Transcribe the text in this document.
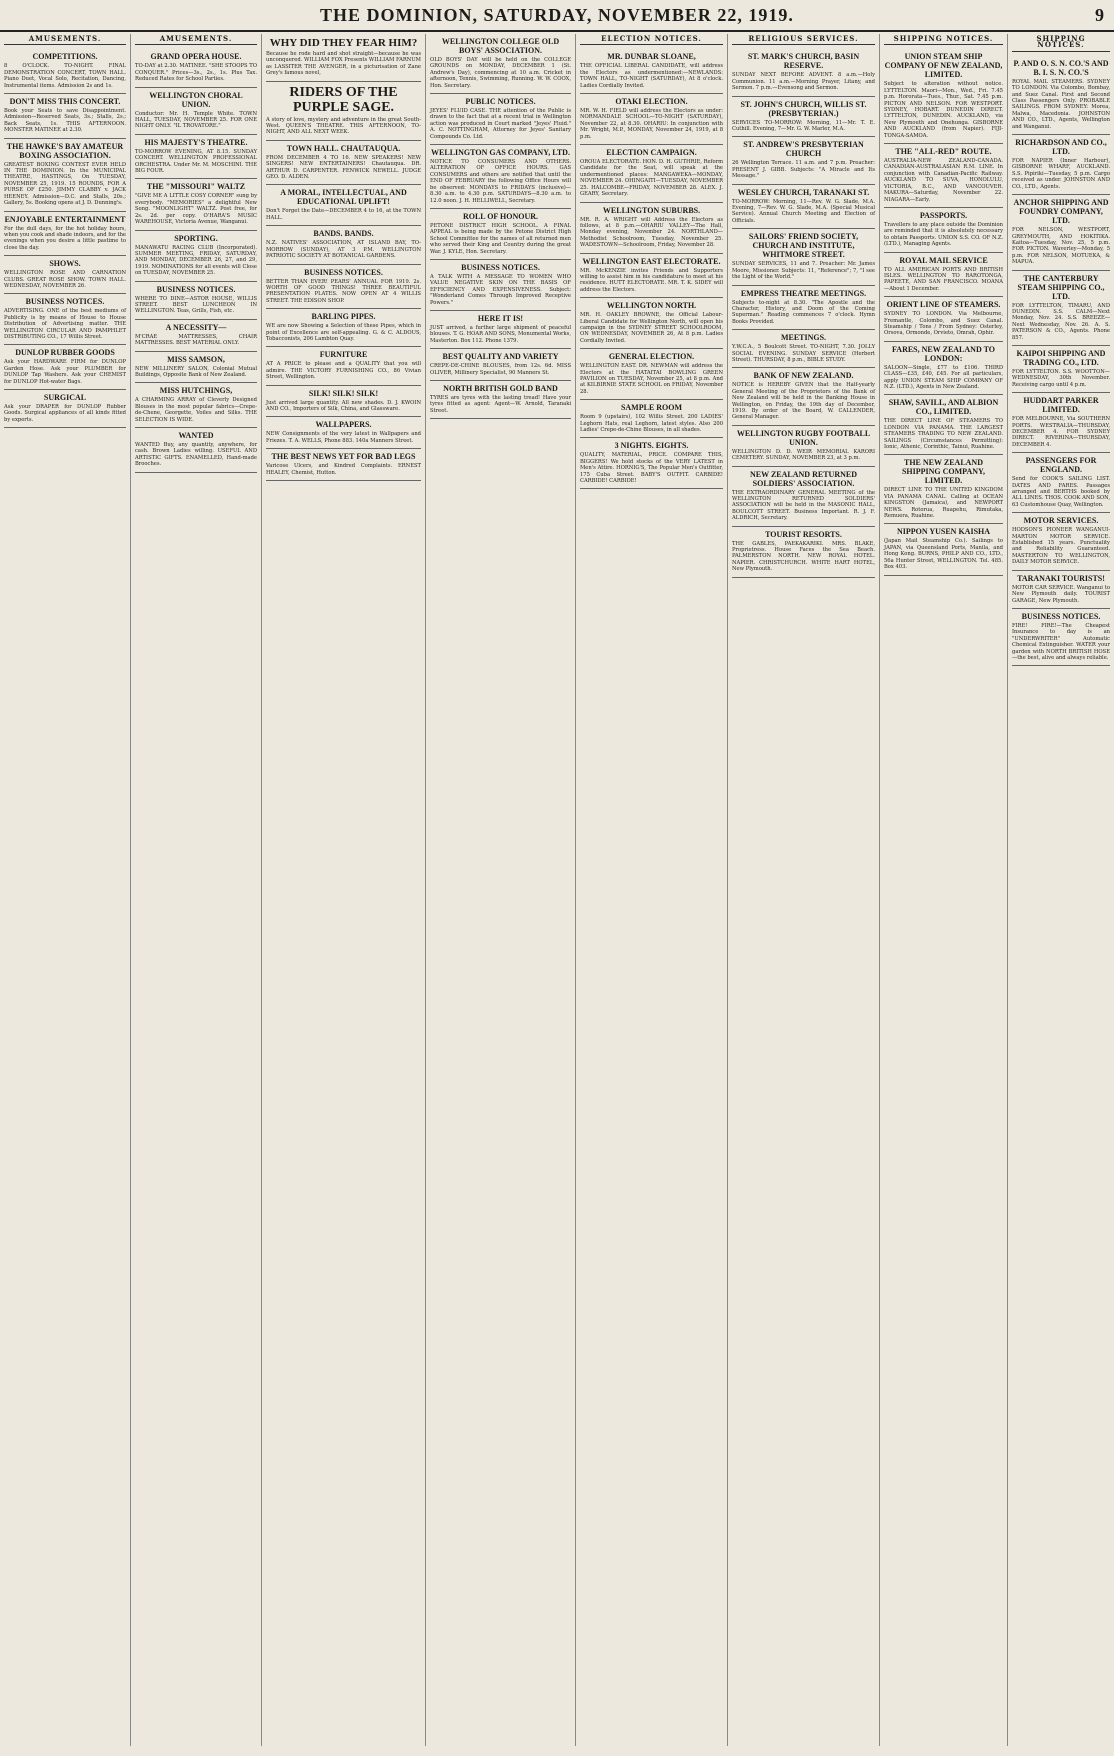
THE DOMINION, SATURDAY, NOVEMBER 22, 1919.	9
AMUSEMENTS.
COMPETITIONS.
8 O'CLOCK. TO-NIGHT. FINAL DEMONSTRATION CONCERT, TOWN HALL. Piano Duet, Vocal Solo, Recitation, Dancing, Instrumental items. Admission 2s and 1s.
DON'T MISS THIS CONCERT.
Book your Seats to save Disappointment. Admission—Reserved Seats, 3s.; Stalls, 2s.; Back Seats, 1s. THIS AFTERNOON. MONSTER MATINEE at 2.30.
THE HAWKE'S BAY AMATEUR BOXING ASSOCIATION.
GREATEST BOXING CONTEST EVER HELD IN THE DOMINION. In the MUNICIPAL THEATRE, HASTINGS, On TUESDAY, NOVEMBER 25, 1919. 15 ROUNDS, FOR A PURSE OF £250. JIMMY CLABBY v. JACK HEENEY. Admission—D.C. and Stalls, 20s.; Gallery, 5s. Booking opens at J. D. Dunning's.
ENJOYABLE ENTERTAINMENT
For the dull days, for the hot holiday hours, when you cook and shade indoors, and for the evenings when you desire a little pastime to close the day.
SHOWS.
WELLINGTON ROSE AND CARNATION CLUBS. GREAT ROSE SHOW. TOWN HALL. WEDNESDAY, NOVEMBER 26.
BUSINESS NOTICES.
ADVERTISING. ONE of the best mediums of Publicity is by means of House to House Distribution of Advertising matter. THE WELLINGTON CIRCULAR AND PAMPHLET DISTRIBUTING CO., 17 Willis Street.
DUNLOP RUBBER GOODS
Ask your HARDWARE FIRM for DUNLOP Garden Hose. Ask your PLUMBER for DUNLOP Tap Washers. Ask your CHEMIST for DUNLOP Hot-water Bags.
SURGICAL
Ask your DRAPER for DUNLOP Rubber Goods. Surgical appliances of all kinds fitted by experts.
AMUSEMENTS.
GRAND OPERA HOUSE.
TO-DAY at 2.30. MATINEE. "SHE STOOPS TO CONQUER." Prices—3s., 2s., 1s. Plus Tax. Reduced Rates for School Parties.
WELLINGTON CHORAL UNION.
Conductor: Mr. H. Temple White. TOWN HALL, TUESDAY, NOVEMBER 25. FOR ONE NIGHT ONLY. "IL TROVATORE."
HIS MAJESTY'S THEATRE.
TO-MORROW EVENING, AT 8.15. SUNDAY CONCERT. WELLINGTON PROFESSIONAL ORCHESTRA. Under Mr. M. MOSCHINI. THE BIG FOUR.
THE "MISSOURI" WALTZ
"GIVE ME A LITTLE COSY CORNER" sung by everybody. "MEMORIES" a delightful New Song. "MOONLIGHT" WALTZ. Post free, for 2s. 2d. per copy. O'HARA'S MUSIC WAREHOUSE, Victoria Avenue, Wanganui.
SPORTING.
MANAWATU RACING CLUB (Incorporated). SUMMER MEETING, FRIDAY, SATURDAY, AND MONDAY, DECEMBER 26, 27, and 29, 1919. NOMINATIONS for all events will Close on TUESDAY, NOVEMBER 25.
BUSINESS NOTICES.
WHERE TO DINE—ASTOR HOUSE, WILLIS STREET. BEST LUNCHEON IN WELLINGTON. Teas, Grills, Fish, etc.
A NECESSITY—
M'CRAE MATTRESSES, CHAIR MATTRESSES. BEST MATERIAL ONLY.
MISS SAMSON,
NEW MILLINERY SALON, Colonial Mutual Buildings, Opposite Bank of New Zealand.
MISS HUTCHINGS,
A CHARMING ARRAY of Cleverly Designed Blouses in the most popular fabrics—Crepe-de-Chene, Georgette, Voiles and Silks. THE SELECTION IS WIDE.
WANTED
WANTED Buy, any quantity, anywhere, for cash. Brown Ladies willing. USEFUL AND ARTISTIC GIFTS. ENAMELLED, Hand-made Brooches.
WHY DID THEY FEAR HIM?
Because he rode hard and shot straight—because he was unconquered. WILLIAM FOX Presents WILLIAM FARNUM as LASSITER THE AVENGER, in a picturisation of Zane Grey's famous novel,
RIDERS OF THE PURPLE SAGE.
A story of love, mystery and adventure in the great South-West. QUEEN'S THEATRE. THIS AFTERNOON, TO-NIGHT, AND ALL NEXT WEEK.
TOWN HALL. CHAUTAUQUA.
FROM DECEMBER 4 TO 16. NEW SPEAKERS! NEW SINGERS! NEW ENTERTAINERS! Chautauqua. DR. ARTHUR D. CARPENTER. FENWICK NEWELL. JUDGE GEO. D. ALDEN.
A MORAL, INTELLECTUAL, AND EDUCATIONAL UPLIFT!
Don't Forget the Date—DECEMBER 4 to 16, at the TOWN HALL.
BANDS. BANDS.
N.Z. NATIVES' ASSOCIATION, AT ISLAND BAY, TO-MORROW (SUNDAY), AT 3 P.M. WELLINGTON PATRIOTIC SOCIETY AT BOTANICAL GARDENS.
BUSINESS NOTICES.
BETTER THAN EVER! PEARS' ANNUAL FOR 1919. 2s. WORTH OF GOOD THINGS! THREE BEAUTIFUL PRESENTATION PLATES. NOW OPEN AT 4 WILLIS STREET. THE EDISON SHOP.
BARLING PIPES.
WE are now Showing a Selection of these Pipes, which in point of Excellence are self-appealing. G. & C. ALDOUS, Tobacconists, 206 Lambton Quay.
FURNITURE
AT A PRICE to please and a QUALITY that you will admire. THE VICTORY FURNISHING CO., 86 Vivian Street, Wellington.
SILK! SILK! SILK!
Just arrived large quantity. All new shades. D. J. KWOIN AND CO., Importers of Silk, China, and Glassware.
WALLPAPERS.
NEW Consignments of the very latest in Wallpapers and Friezes. T. A. WELLS, Phone 883. 140a Manners Street.
THE BEST NEWS YET FOR BAD LEGS
Varicose Ulcers, and Kindred Complaints. ERNEST HEALEY, Chemist, Hutton.
WELLINGTON COLLEGE OLD BOYS' ASSOCIATION.
OLD BOYS' DAY will be held on the COLLEGE GROUNDS on MONDAY, DECEMBER 1 (St. Andrew's Day), commencing at 10 a.m. Cricket in afternoon, Tennis, Swimming, Running. W. W. COOX, Hon. Secretary.
PUBLIC NOTICES.
JEYES' FLUID CASE. THE attention of the Public is drawn to the fact that at a recent trial in Wellington action was produced in Court marked "Jeyes' Fluid." A. C. NOTTINGHAM, Attorney for Jeyes' Sanitary Compounds Co. Ltd.
WELLINGTON GAS COMPANY, LTD.
NOTICE TO CONSUMERS AND OTHERS. ALTERATION OF OFFICE HOURS. GAS CONSUMERS and others are notified that until the END OF FEBRUARY the following Office Hours will be observed: MONDAYS to FRIDAYS (inclusive)—8.30 a.m. to 4.30 p.m. SATURDAYS—8.30 a.m. to 12.0 noon. J. H. HELLIWELL, Secretary.
ROLL OF HONOUR.
PETONE DISTRICT HIGH SCHOOL. A FINAL APPEAL is being made by the Petone District High School Committee for the names of all returned men who served their King and Country during the great War. J. KYLE, Hon. Secretary.
BUSINESS NOTICES.
A TALK WITH A MESSAGE TO WOMEN WHO VALUE NEGATIVE SKIN ON THE BASIS OF EFFICIENCY AND EXPENSIVENESS. Subject: "Wonderland Comes Through Improved Receptive Powers."
HERE IT IS!
JUST arrived, a further large shipment of peaceful blouses. T. G. HOAR AND SONS, Monumental Works, Masterton. Box 112. Phone 1379.
BEST QUALITY AND VARIETY
CREPE-DE-CHINE BLOUSES, from 12s. 6d. MISS OLIVER, Millinery Specialist, 90 Manners St.
NORTH BRITISH GOLD BAND
TYRES are tyres with the lasting tread! Have your tyres fitted as agent: Agent—W. Arnold, Taranaki Street.
ELECTION NOTICES.
MR. DUNBAR SLOANE,
THE OFFICIAL LIBERAL CANDIDATE, will address the Electors as undermentioned:—NEWLANDS: TOWN HALL, TO-NIGHT (SATURDAY), At 8 o'clock. Ladies Cordially Invited.
OTAKI ELECTION.
MR. W. H. FIELD will address the Electors as under: NORMANDALE SCHOOL—TO-NIGHT (SATURDAY), November 22, at 8.30. OHARIU: In conjunction with Mr. Wright, M.P., MONDAY, November 24, 1919, at 8 p.m.
ELECTION CAMPAIGN.
OROUA ELECTORATE. HON. D. H. GUTHRIE, Reform Candidate for the Seat, will speak at the undermentioned places: MANGAWEKA—MONDAY, NOVEMBER 24. OHINGAITI—TUESDAY, NOVEMBER 25. HALCOMBE—FRIDAY, NOVEMBER 28. ALEX. J. GEARY, Secretary.
WELLINGTON SUBURBS.
MR. R. A. WRIGHT will Address the Electors as follows, at 8 p.m.—OHARIU VALLEY—The Hall, Monday evening, November 24. NORTHLAND—Methodist Schoolroom, Tuesday, November 25. WADESTOWN—Schoolroom, Friday, November 28.
WELLINGTON EAST ELECTORATE.
MR. McKENZIE invites Friends and Supporters willing to assist him in his candidature to meet at his residence. HUTT ELECTORATE. MR. T. K. SIDEY will address the Electors.
WELLINGTON NORTH.
MR. H. OAKLEY BROWNE, the Official Labour-Liberal Candidate for Wellington North, will open his campaign in the SYDNEY STREET SCHOOLROOM, ON WEDNESDAY, NOVEMBER 26, At 8 p.m. Ladies Cordially Invited.
GENERAL ELECTION.
WELLINGTON EAST. DR. NEWMAN will address the Electors at the HATAITAI BOWLING GREEN PAVILION on TUESDAY, November 25, at 8 p.m. And at KILBIRNIE STATE SCHOOL on FRIDAY, November 28.
SAMPLE ROOM
Room 9 (upstairs), 102 Willis Street. 200 LADIES' Leghorn Hats, real Leghorn, latest styles. Also 200 Ladies' Crepe-de-Chine Blouses, in all shades.
3 NIGHTS. EIGHTS.
QUALITY, MATERIAL, PRICE. COMPARE THIS, BIGGERS! We hold stocks of the VERY LATEST in Men's Attire. HORNIG'S, The Popular Men's Outfitter, 175 Cuba Street. BABY'S OUTFIT. CARBIDE! CARBIDE! CARBIDE!
RELIGIOUS SERVICES.
ST. MARK'S CHURCH, BASIN RESERVE.
SUNDAY NEXT BEFORE ADVENT. 8 a.m.—Holy Communion. 11 a.m.—Morning Prayer, Litany, and Sermon. 7 p.m.—Evensong and Sermon.
ST. JOHN'S CHURCH, WILLIS ST. (PRESBYTERIAN.)
SERVICES TO-MORROW: Morning, 11—Mr. T. E. Cuthill. Evening, 7—Mr. G. W. Marler, M.A.
ST. ANDREW'S PRESBYTERIAN CHURCH
26 Wellington Terrace. 11 a.m. and 7 p.m. Preacher: PRESENT J. GIBB. Subjects: "A Miracle and Its Message."
WESLEY CHURCH, TARANAKI ST.
TO-MORROW: Morning, 11—Rev. W. G. Slade, M.A. Evening, 7—Rev. W. G. Slade, M.A. (Special Musical Service). Annual Church Meeting and Election of Officials.
SAILORS' FRIEND SOCIETY, CHURCH AND INSTITUTE, WHITMORE STREET.
SUNDAY SERVICES, 11 and 7. Preacher: Mr. James Moore, Missioner. Subjects: 11, "Reference"; 7, "I see the Light of the World."
EMPRESS THEATRE MEETINGS.
Subjects to-night at 8.30. "The Apostle and the Character, History, and Doom of the Coming Superman." Reading commences 7 o'clock. Hymn Books Provided.
MEETINGS.
Y.W.C.A., 5 Boulcott Street. TO-NIGHT, 7.30. JOLLY SOCIAL EVENING. SUNDAY SERVICE (Herbert Street). THURSDAY, 8 p.m., BIBLE STUDY.
BANK OF NEW ZEALAND.
NOTICE is HEREBY GIVEN that the Half-yearly General Meeting of the Proprietors of the Bank of New Zealand will be held in the Banking House in Wellington, on Friday, the 19th day of December, 1919. By order of the Board, W. CALLENDER, General Manager.
WELLINGTON RUGBY FOOTBALL UNION.
WELLINGTON D. D. WEIR MEMORIAL KARORI CEMETERY. SUNDAY, NOVEMBER 23, at 3 p.m.
NEW ZEALAND RETURNED SOLDIERS' ASSOCIATION.
THE EXTRAORDINARY GENERAL MEETING of the WELLINGTON RETURNED SOLDIERS' ASSOCIATION will be held in the MASONIC HALL, BOULCOTT STREET. Business Important. R. J. F. ALDRICH, Secretary.
TOURIST RESORTS.
THE GABLES, PAEKAKARIKI. MRS. BLAKE, Proprietress. House Faces the Sea Beach. PALMERSTON NORTH. NEW ROYAL HOTEL. NAPIER. CHRISTCHURCH. WHITE HART HOTEL, New Plymouth.
SHIPPING NOTICES.
UNION STEAM SHIP COMPANY OF NEW ZEALAND, LIMITED.
Subject to alteration without notice. LYTTELTON. Maori—Mon., Wed., Fri. 7.45 p.m. Hororata—Tues., Thur., Sat. 7.45 p.m. PICTON AND NELSON. FOR WESTPORT. SYDNEY, HOBART. DUNEDIN DIRECT. LYTTELTON, DUNEDIN. AUCKLAND, via New Plymouth and Onehunga. GISBORNE AND AUCKLAND (from Napier). FIJI-TONGA-SAMOA.
THE "ALL-RED" ROUTE.
AUSTRALIA-NEW ZEALAND-CANADA. CANADIAN-AUSTRALASIAN R.M. LINE. In conjunction with Canadian-Pacific Railway. AUCKLAND TO SUVA, HONOLULU, VICTORIA, B.C., AND VANCOUVER. MAKURA—Saturday, November 22. NIAGARA—Early.
PASSPORTS.
Travellers to any place outside the Dominion are reminded that it is absolutely necessary to obtain Passports. UNION S.S. CO. OF N.Z. (LTD.), Managing Agents.
ROYAL MAIL SERVICE
TO ALL AMERICAN PORTS AND BRITISH ISLES. WELLINGTON TO RAROTONGA, PAPEETE, AND SAN FRANCISCO. MOANA—About 1 December.
ORIENT LINE OF STEAMERS.
SYDNEY TO LONDON. Via Melbourne, Fremantle, Colombo, and Suez Canal. Steamship / Tons / From Sydney: Osterley, Orsova, Ormonde, Orvieto, Omrah, Ophir.
FARES, NEW ZEALAND TO LONDON:
SALOON—Single, £77 to £106. THIRD CLASS—£35, £40, £45. For all particulars, apply UNION STEAM SHIP COMPANY OF N.Z. (LTD.), Agents in New Zealand.
SHAW, SAVILL, AND ALBION CO., LIMITED.
THE DIRECT LINE OF STEAMERS TO LONDON VIA PANAMA. THE LARGEST STEAMERS TRADING TO NEW ZEALAND. SAILINGS (Circumstances Permitting): Ionic, Athenic, Corinthic, Tainui, Ruahine.
THE NEW ZEALAND SHIPPING COMPANY, LIMITED.
DIRECT LINE TO THE UNITED KINGDOM VIA PANAMA CANAL. Calling at OCEAN KINGSTON (Jamaica), and NEWPORT NEWS. Rotorua, Ruapehu, Rimutaka, Remuera, Ruahine.
NIPPON YUSEN KAISHA
(Japan Mail Steamship Co.). Sailings to JAPAN, via Queensland Ports, Manila, and Hong Kong. BURNS, PHILP AND CO., LTD., 56a Hunter Street, WELLINGTON. Tel. 485. Box 403.
SHIPPING NOTICES.
P. AND O. S. N. CO.'S AND B. I. S. N. CO.'S
ROYAL MAIL STEAMERS. SYDNEY TO LONDON. Via Colombo, Bombay, and Suez Canal. First and Second Class Passengers Only. PROBABLE SAILINGS. FROM SYDNEY: Morea, Malwa, Macedonia. JOHNSTON AND CO., LTD., Agents, Wellington and Wanganui.
RICHARDSON AND CO., LTD.
FOR NAPIER (Inner Harbour), GISBORNE WHARF, AUCKLAND. S.S. Pipiriki—Tuesday, 5 p.m. Cargo received as under. JOHNSTON AND CO., LTD., Agents.
ANCHOR SHIPPING AND FOUNDRY COMPANY, LTD.
FOR NELSON, WESTPORT, GREYMOUTH, AND HOKITIKA. Kaitoa—Tuesday, Nov. 25, 5 p.m. FOR PICTON. Waverley—Monday, 5 p.m. FOR NELSON, MOTUEKA, & MAPUA.
THE CANTERBURY STEAM SHIPPING CO., LTD.
FOR LYTTELTON, TIMARU, AND DUNEDIN. S.S. CALM—Next Monday, Nov. 24. S.S. BREEZE—Next Wednesday, Nov. 26. A. S. PATERSON & CO., Agents. Phone 857.
KAIPOI SHIPPING AND TRADING CO., LTD.
FOR LYTTELTON. S.S. WOOTTON—WEDNESDAY, 30th November. Receiving cargo until 4 p.m.
HUDDART PARKER LIMITED.
FOR MELBOURNE, Via SOUTHERN PORTS. WESTRALIA—THURSDAY, DECEMBER 4. FOR SYDNEY DIRECT. RIVERINA—THURSDAY, DECEMBER 4.
PASSENGERS FOR ENGLAND.
Send for COOK'S SAILING LIST. DATES AND FARES. Passages arranged and BERTHS booked by ALL LINES. THOS. COOK AND SON, 63 Customhouse Quay, Wellington.
MOTOR SERVICES.
HODSON'S PIONEER WANGANUI-MARTON MOTOR SERVICE. Established 15 years. Punctuality and Reliability Guaranteed. MASTERTON TO WELLINGTON, DAILY MOTOR SERVICE.
TARANAKI TOURISTS!
MOTOR CAR SERVICE. Wanganui to New Plymouth daily. TOURIST GARAGE, New Plymouth.
BUSINESS NOTICES.
FIRE! FIRE!—The Cheapest Insurance to day is an "UNDERWRITER" Automatic Chemical Extinguisher. WATER your garden with NORTH BRITISH HOSE—the best, alive and always reliable.
